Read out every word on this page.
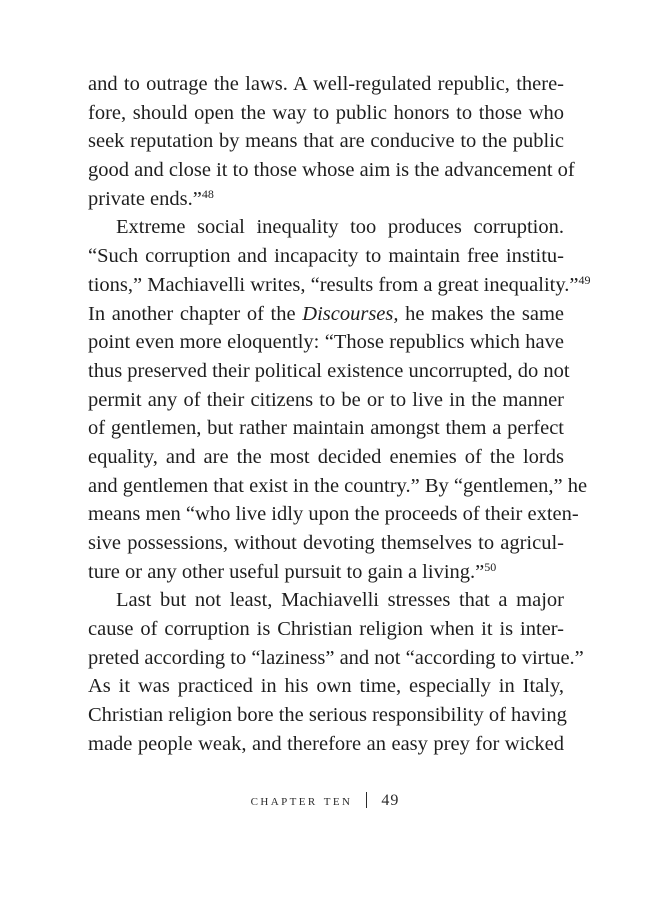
and to outrage the laws. A well-regulated republic, there-
fore, should open the way to public honors to those who
seek reputation by means that are conducive to the public
good and close it to those whose aim is the advancement of
private ends.”$^{48}$
Extreme social inequality too produces corruption.
“Such corruption and incapacity to maintain free institu-
tions,” Machiavelli writes, “results from a great inequality.”$^{49}$
In another chapter of the Discourses, he makes the same
point even more eloquently: “Those republics which have
thus preserved their political existence uncorrupted, do not
permit any of their citizens to be or to live in the manner
of gentlemen, but rather maintain amongst them a perfect
equality, and are the most decided enemies of the lords
and gentlemen that exist in the country.” By “gentlemen,” he
means men “who live idly upon the proceeds of their exten-
sive possessions, without devoting themselves to agricul-
ture or any other useful pursuit to gain a living.”$^{50}$
Last but not least, Machiavelli stresses that a major
cause of corruption is Christian religion when it is inter-
preted according to “laziness” and not “according to virtue.”
As it was practiced in his own time, especially in Italy,
Christian religion bore the serious responsibility of having
made people weak, and therefore an easy prey for wicked
chapter ten 49
